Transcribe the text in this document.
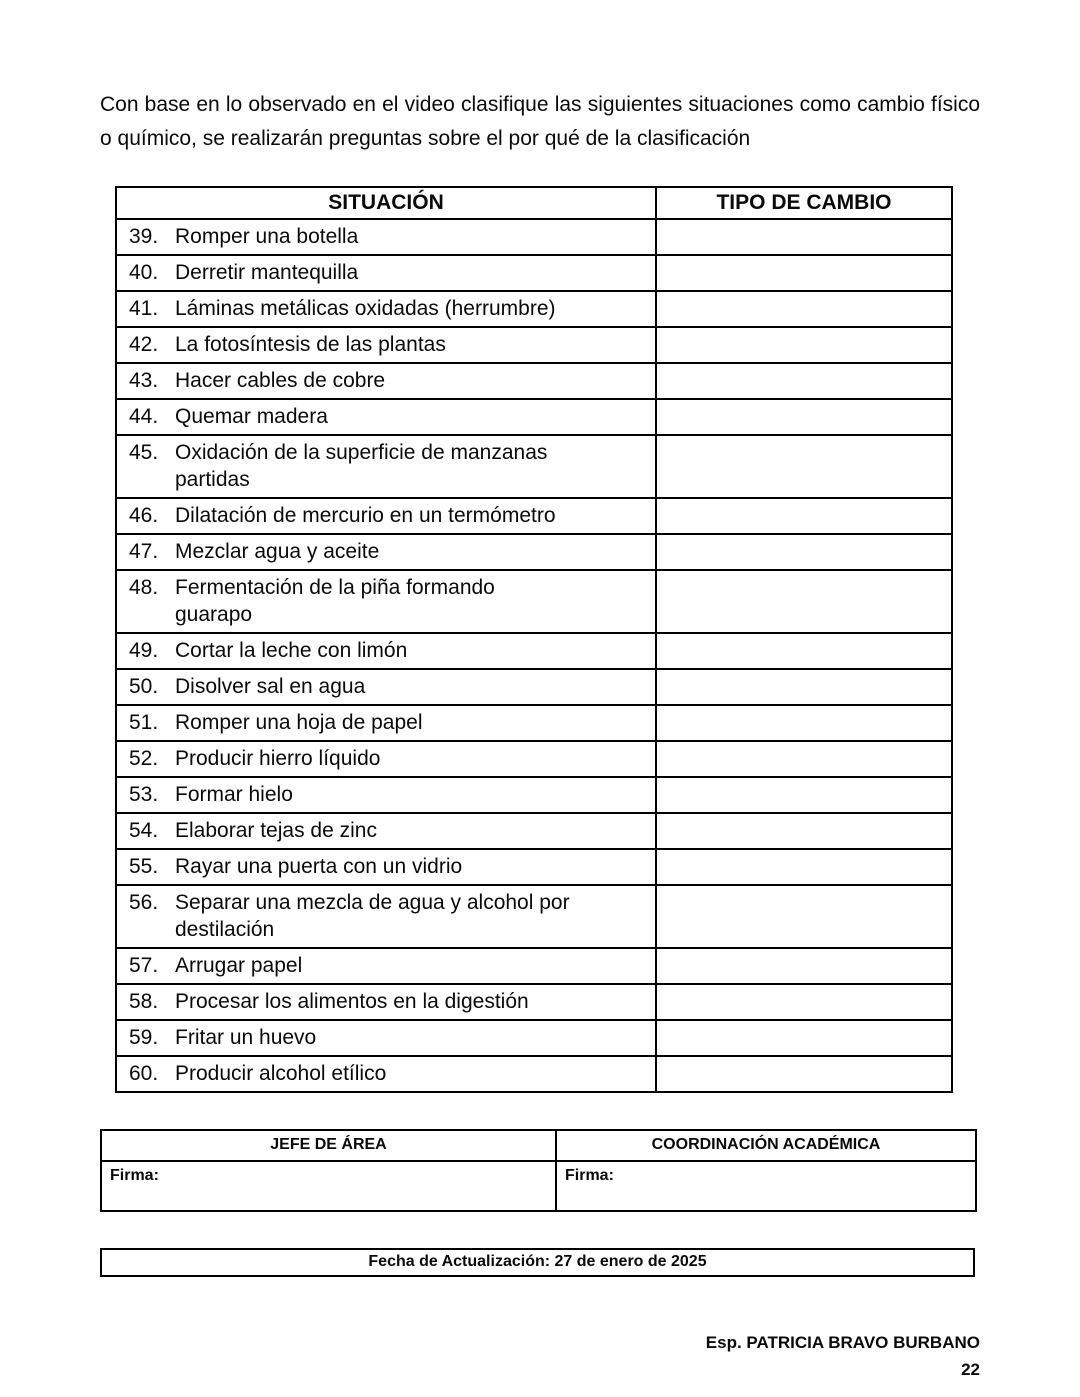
Con base en lo observado en el video clasifique las siguientes situaciones como cambio físico o químico, se realizarán preguntas sobre el por qué de la clasificación

SITUACIÓN	TIPO DE CAMBIO
39. Romper una botella	

40. Derretir mantequilla	

41. Láminas metálicas oxidadas (herrumbre)	

42. La fotosíntesis de las plantas	

43. Hacer cables de cobre	

44. Quemar madera	

45. Oxidación de la superficie de manzanas
partidas	

46. Dilatación de mercurio en un termómetro	

47. Mezclar agua y aceite	

48. Fermentación de la piña formando
guarapo	

49. Cortar la leche con limón	

50. Disolver sal en agua	

51. Romper una hoja de papel	

52. Producir hierro líquido	

53. Formar hielo	

54. Elaborar tejas de zinc	

55. Rayar una puerta con un vidrio	

56. Separar una mezcla de agua y alcohol por
destilación	

57. Arrugar papel	

58. Procesar los alimentos en la digestión	

59. Fritar un huevo	

60. Producir alcohol etílico	

JEFE DE ÁREA	COORDINACIÓN ACADÉMICA
Firma:	Firma:
Fecha de Actualización: 27 de enero de 2025
Esp. PATRICIA BRAVO BURBANO
22
